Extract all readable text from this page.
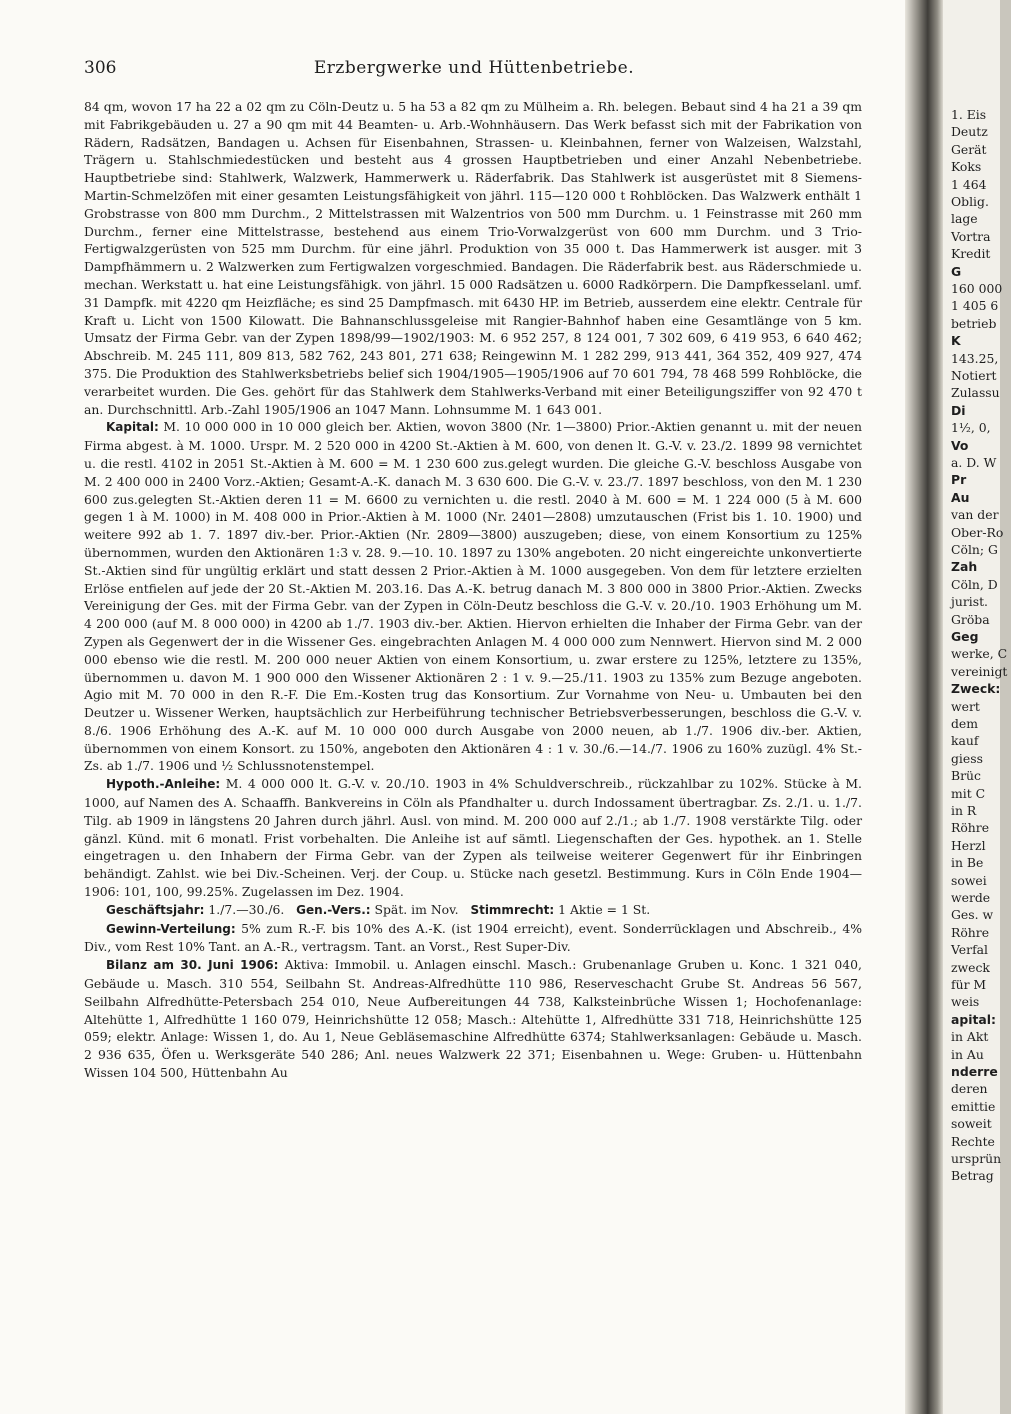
306	Erzbergwerke und Hüttenbetriebe.

84 qm, wovon 17 ha 22 a 02 qm zu Cöln-Deutz u. 5 ha 53 a 82 qm zu Mülheim a. Rh. belegen. Bebaut sind 4 ha 21 a 39 qm mit Fabrikgebäuden u. 27 a 90 qm mit 44 Beamten- u. Arb.-Wohnhäusern. Das Werk befasst sich mit der Fabrikation von Rädern, Radsätzen, Bandagen u. Achsen für Eisenbahnen, Strassen- u. Kleinbahnen, ferner von Walzeisen, Walzstahl, Trägern u. Stahlschmiedestücken und besteht aus 4 grossen Hauptbetrieben und einer Anzahl Nebenbetriebe. Hauptbetriebe sind: Stahlwerk, Walzwerk, Hammerwerk u. Räderfabrik. Das Stahlwerk ist ausgerüstet mit 8 Siemens-Martin-Schmelzöfen mit einer gesamten Leistungsfähigkeit von jährl. 115—120 000 t Rohblöcken. Das Walzwerk enthält 1 Grobstrasse von 800 mm Durchm., 2 Mittelstrassen mit Walzentrios von 500 mm Durchm. u. 1 Feinstrasse mit 260 mm Durchm., ferner eine Mittelstrasse, bestehend aus einem Trio-Vorwalzgerüst von 600 mm Durchm. und 3 Trio-Fertigwalzgerüsten von 525 mm Durchm. für eine jährl. Produktion von 35 000 t. Das Hammerwerk ist ausger. mit 3 Dampfhämmern u. 2 Walzwerken zum Fertigwalzen vorgeschmied. Bandagen. Die Räderfabrik best. aus Räderschmiede u. mechan. Werkstatt u. hat eine Leistungsfähigk. von jährl. 15 000 Radsätzen u. 6000 Radkörpern. Die Dampfkesselanl. umf. 31 Dampfk. mit 4220 qm Heizfläche; es sind 25 Dampfmasch. mit 6430 HP. im Betrieb, ausserdem eine elektr. Centrale für Kraft u. Licht von 1500 Kilowatt. Die Bahnanschlussgeleise mit Rangier-Bahnhof haben eine Gesamtlänge von 5 km. Umsatz der Firma Gebr. van der Zypen 1898/99—1902/1903: M. 6 952 257, 8 124 001, 7 302 609, 6 419 953, 6 640 462; Abschreib. M. 245 111, 809 813, 582 762, 243 801, 271 638; Reingewinn M. 1 282 299, 913 441, 364 352, 409 927, 474 375. Die Produktion des Stahlwerksbetriebs belief sich 1904/1905—1905/1906 auf 70 601 794, 78 468 599 Rohblöcke, die verarbeitet wurden. Die Ges. gehört für das Stahlwerk dem Stahlwerks-Verband mit einer Beteiligungsziffer von 92 470 t an. Durchschnittl. Arb.-Zahl 1905/1906 an 1047 Mann. Lohnsumme M. 1 643 001.

Kapital: M. 10 000 000 in 10 000 gleich ber. Aktien, wovon 3800 (Nr. 1—3800) Prior.-Aktien genannt u. mit der neuen Firma abgest. à M. 1000. Urspr. M. 2 520 000 in 4200 St.-Aktien à M. 600, von denen lt. G.-V. v. 23./2. 1899 98 vernichtet u. die restl. 4102 in 2051 St.-Aktien à M. 600 = M. 1 230 600 zus.gelegt wurden. Die gleiche G.-V. beschloss Ausgabe von M. 2 400 000 in 2400 Vorz.-Aktien; Gesamt-A.-K. danach M. 3 630 600. Die G.-V. v. 23./7. 1897 beschloss, von den M. 1 230 600 zus.gelegten St.-Aktien deren 11 = M. 6600 zu vernichten u. die restl. 2040 à M. 600 = M. 1 224 000 (5 à M. 600 gegen 1 à M. 1000) in M. 408 000 in Prior.-Aktien à M. 1000 (Nr. 2401—2808) umzutauschen (Frist bis 1. 10. 1900) und weitere 992 ab 1. 7. 1897 div.-ber. Prior.-Aktien (Nr. 2809—3800) auszugeben; diese, von einem Konsortium zu 125% übernommen, wurden den Aktionären 1:3 v. 28. 9.—10. 10. 1897 zu 130% angeboten. 20 nicht eingereichte unkonvertierte St.-Aktien sind für ungültig erklärt und statt dessen 2 Prior.-Aktien à M. 1000 ausgegeben. Von dem für letztere erzielten Erlöse entfielen auf jede der 20 St.-Aktien M. 203.16. Das A.-K. betrug danach M. 3 800 000 in 3800 Prior.-Aktien. Zwecks Vereinigung der Ges. mit der Firma Gebr. van der Zypen in Cöln-Deutz beschloss die G.-V. v. 20./10. 1903 Erhöhung um M. 4 200 000 (auf M. 8 000 000) in 4200 ab 1./7. 1903 div.-ber. Aktien. Hiervon erhielten die Inhaber der Firma Gebr. van der Zypen als Gegenwert der in die Wissener Ges. eingebrachten Anlagen M. 4 000 000 zum Nennwert. Hiervon sind M. 2 000 000 ebenso wie die restl. M. 200 000 neuer Aktien von einem Konsortium, u. zwar erstere zu 125%, letztere zu 135%, übernommen u. davon M. 1 900 000 den Wissener Aktionären 2 : 1 v. 9.—25./11. 1903 zu 135% zum Bezuge angeboten. Agio mit M. 70 000 in den R.-F. Die Em.-Kosten trug das Konsortium. Zur Vornahme von Neu- u. Umbauten bei den Deutzer u. Wissener Werken, hauptsächlich zur Herbeiführung technischer Betriebsverbesserungen, beschloss die G.-V. v. 8./6. 1906 Erhöhung des A.-K. auf M. 10 000 000 durch Ausgabe von 2000 neuen, ab 1./7. 1906 div.-ber. Aktien, übernommen von einem Konsort. zu 150%, angeboten den Aktionären 4 : 1 v. 30./6.—14./7. 1906 zu 160% zuzügl. 4% St.-Zs. ab 1./7. 1906 und ½ Schlussnotenstempel.

Hypoth.-Anleihe: M. 4 000 000 lt. G.-V. v. 20./10. 1903 in 4% Schuldverschreib., rückzahlbar zu 102%. Stücke à M. 1000, auf Namen des A. Schaaffh. Bankvereins in Cöln als Pfandhalter u. durch Indossament übertragbar. Zs. 2./1. u. 1./7. Tilg. ab 1909 in längstens 20 Jahren durch jährl. Ausl. von mind. M. 200 000 auf 2./1.; ab 1./7. 1908 verstärkte Tilg. oder gänzl. Künd. mit 6 monatl. Frist vorbehalten. Die Anleihe ist auf sämtl. Liegenschaften der Ges. hypothek. an 1. Stelle eingetragen u. den Inhabern der Firma Gebr. van der Zypen als teilweise weiterer Gegenwert für ihr Einbringen behändigt. Zahlst. wie bei Div.-Scheinen. Verj. der Coup. u. Stücke nach gesetzl. Bestimmung. Kurs in Cöln Ende 1904—1906: 101, 100, 99.25%. Zugelassen im Dez. 1904.

Geschäftsjahr: 1./7.—30./6. Gen.-Vers.: Spät. im Nov. Stimmrecht: 1 Aktie = 1 St.

Gewinn-Verteilung: 5% zum R.-F. bis 10% des A.-K. (ist 1904 erreicht), event. Sonderrücklagen und Abschreib., 4% Div., vom Rest 10% Tant. an A.-R., vertragsm. Tant. an Vorst., Rest Super-Div.

Bilanz am 30. Juni 1906: Aktiva: Immobil. u. Anlagen einschl. Masch.: Grubenanlage Gruben u. Konc. 1 321 040, Gebäude u. Masch. 310 554, Seilbahn St. Andreas-Alfredhütte 110 986, Reserveschacht Grube St. Andreas 56 567, Seilbahn Alfredhütte-Petersbach 254 010, Neue Aufbereitungen 44 738, Kalksteinbrüche Wissen 1; Hochofenanlage: Altehütte 1, Alfredhütte 1 160 079, Heinrichshütte 12 058; Masch.: Altehütte 1, Alfredhütte 331 718, Heinrichshütte 125 059; elektr. Anlage: Wissen 1, do. Au 1, Neue Gebläsemaschine Alfredhütte 6374; Stahlwerksanlagen: Gebäude u. Masch. 2 936 635, Öfen u. Werksgeräte 540 286; Anl. neues Walzwerk 22 371; Eisenbahnen u. Wege: Gruben- u. Hüttenbahn Wissen 104 500, Hüttenbahn Au

1. Eis
Deutz
Gerät
Koks
1 464
Oblig.
lage
Vortra
Kredit
G
160 000
1 405 6
betrieb
K
143.25,
Notiert
Zulassu
Di
1½, 0,
Vo
a. D. W
Pr
Au
van der
Ober-Ro
Cöln; G
Zah
Cöln, D
jurist.
Gröba
Geg
werke, C
vereinigt
Zweck:
wert
dem
kauf
giess
Brüc
mit C
in R
Röhre
Herzl
in Be
sowei
werde
Ges. w
Röhre
Verfal
zweck
für M
weis
apital:
in Akt
in Au
nderre
deren
emittie
soweit
Rechte
ursprün
Betrag
